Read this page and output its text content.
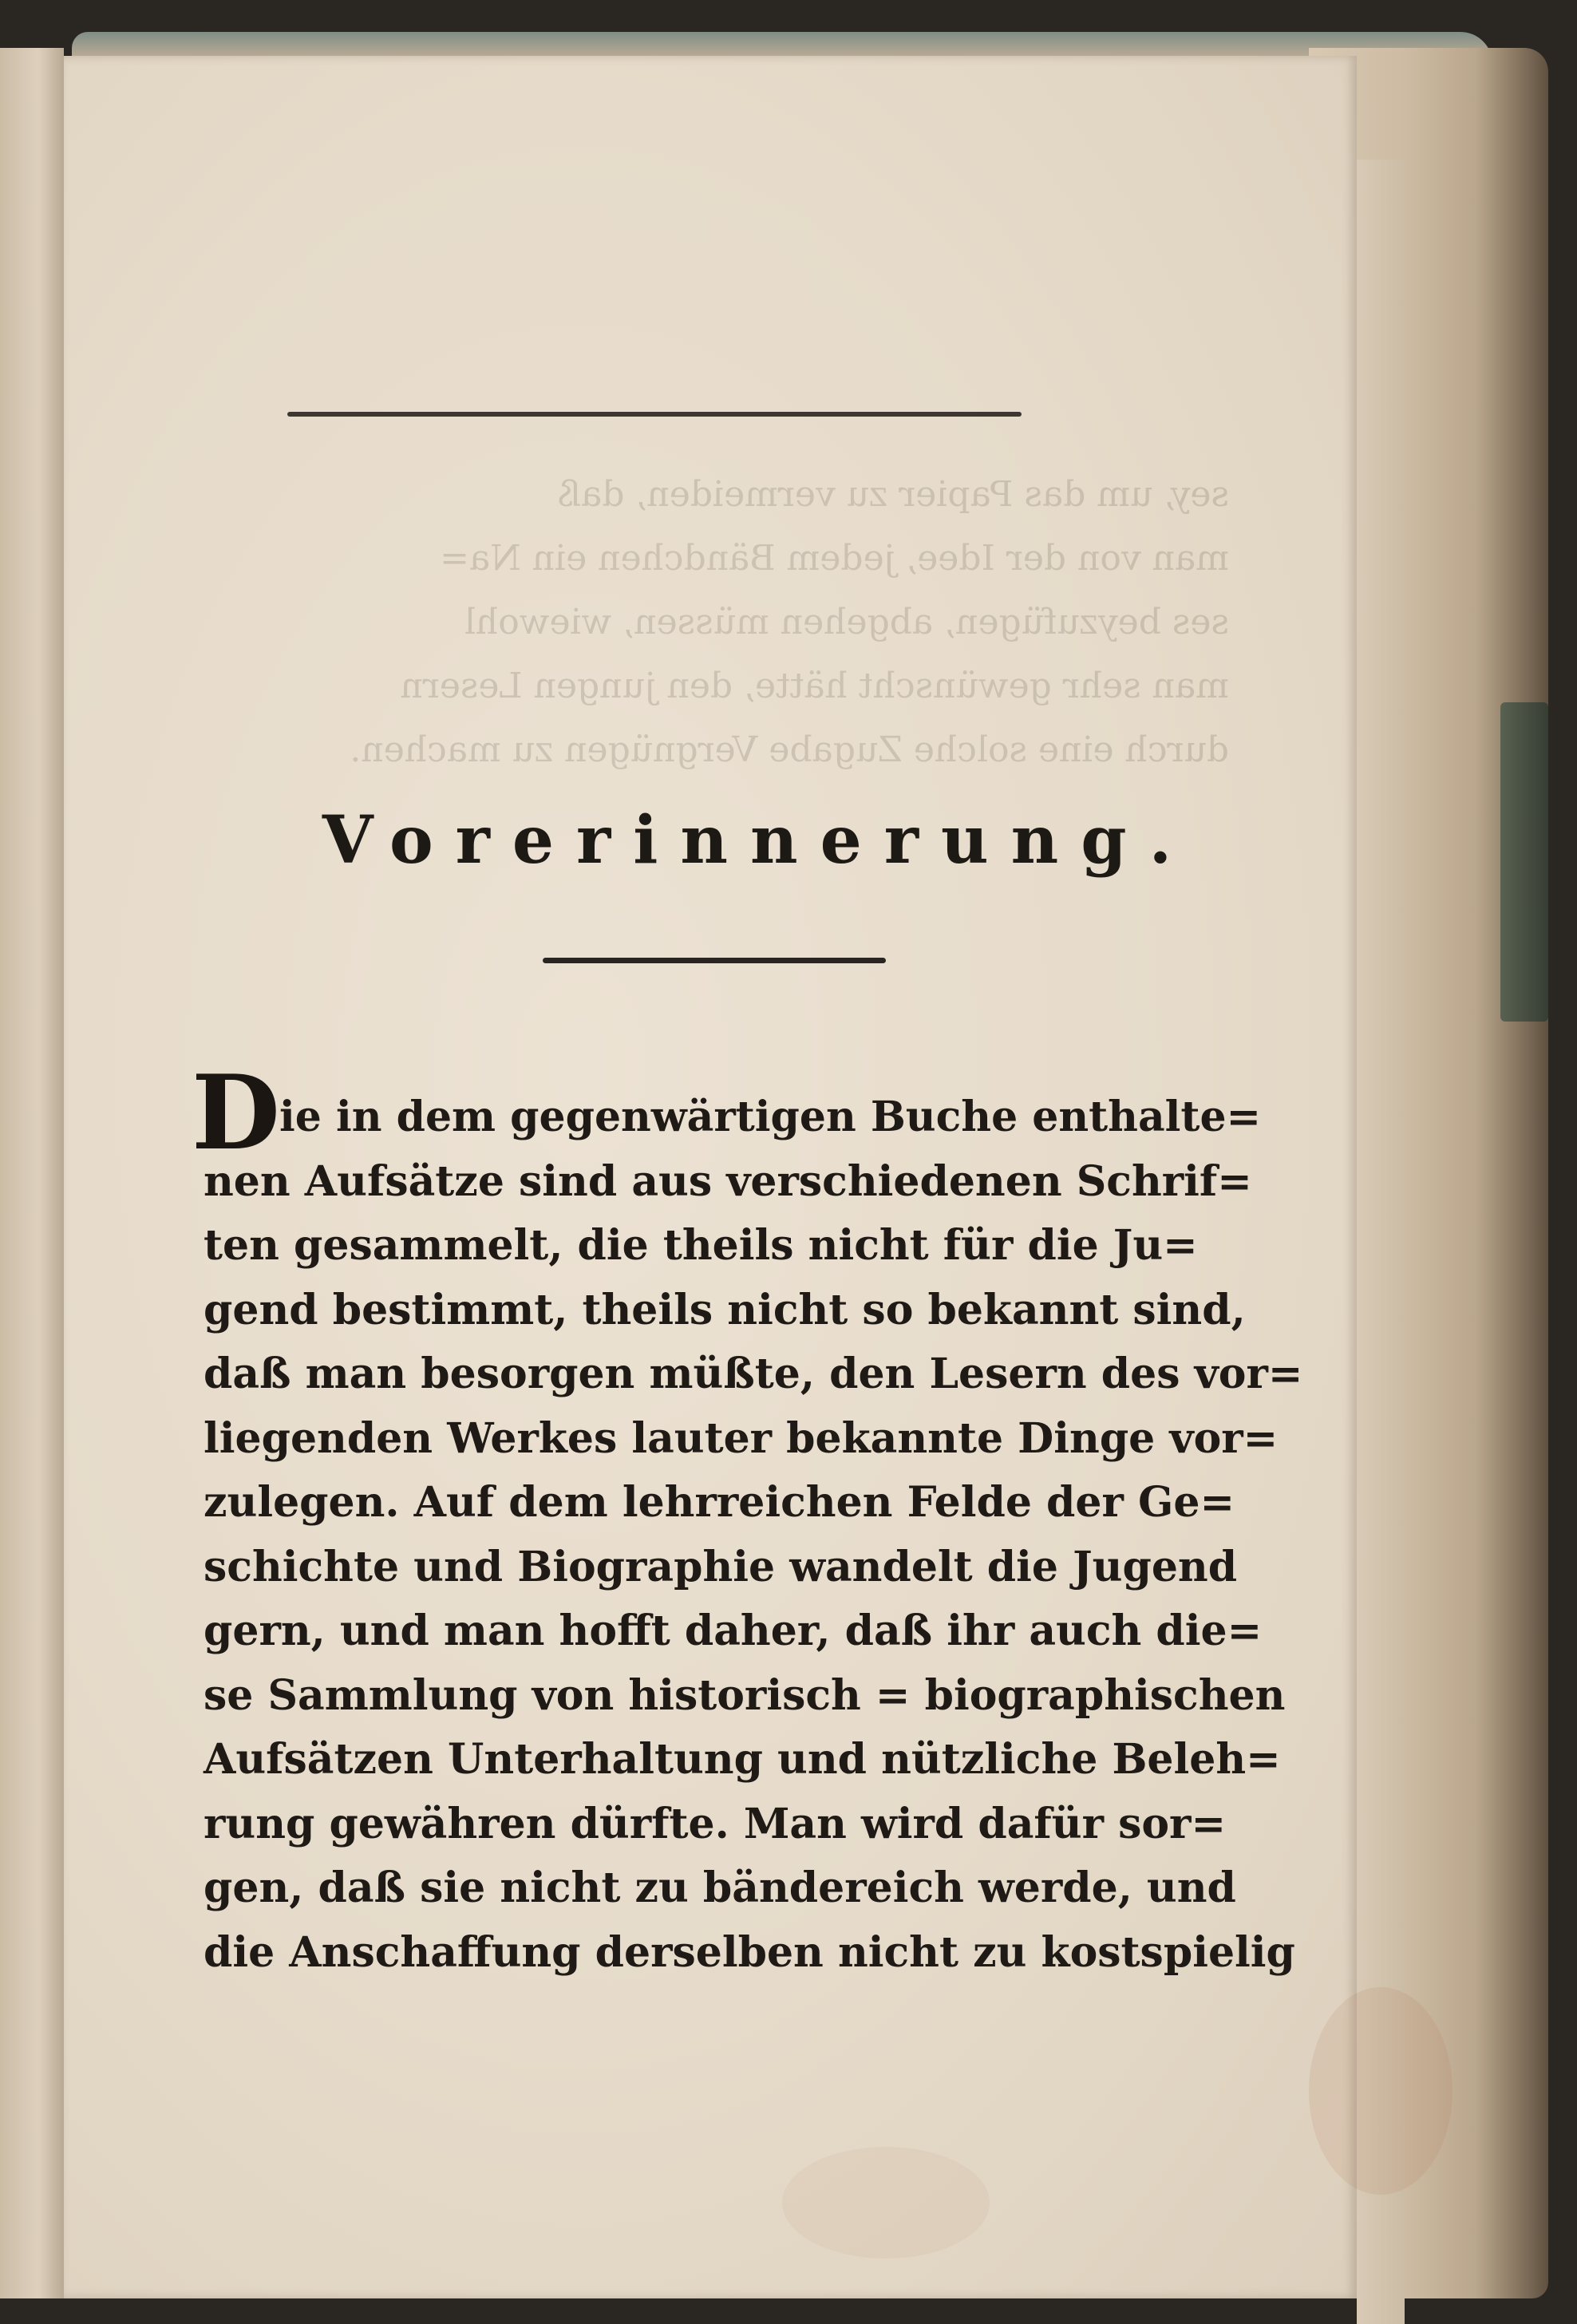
sey, um das Papier zu vermeiden, daß
man von der Idee, jedem Bändchen ein Na=
ses beyzufügen, abgehen müssen, wiewohl
man sehr gewünscht hätte, den jungen Lesern
durch eine solche Zugabe Vergnügen zu machen.
Vorerinnerung.
D ie in dem gegenwärtigen Buche enthalte=
nen Aufsätze sind aus verschiedenen Schrif=
ten gesammelt, die theils nicht für die Ju=
gend bestimmt, theils nicht so bekannt sind,
daß man besorgen müßte, den Lesern des vor=
liegenden Werkes lauter bekannte Dinge vor=
zulegen. Auf dem lehrreichen Felde der Ge=
schichte und Biographie wandelt die Jugend
gern, und man hofft daher, daß ihr auch die=
se Sammlung von historisch = biographischen
Aufsätzen Unterhaltung und nützliche Beleh=
rung gewähren dürfte. Man wird dafür sor=
gen, daß sie nicht zu bändereich werde, und
die Anschaffung derselben nicht zu kostspielig
